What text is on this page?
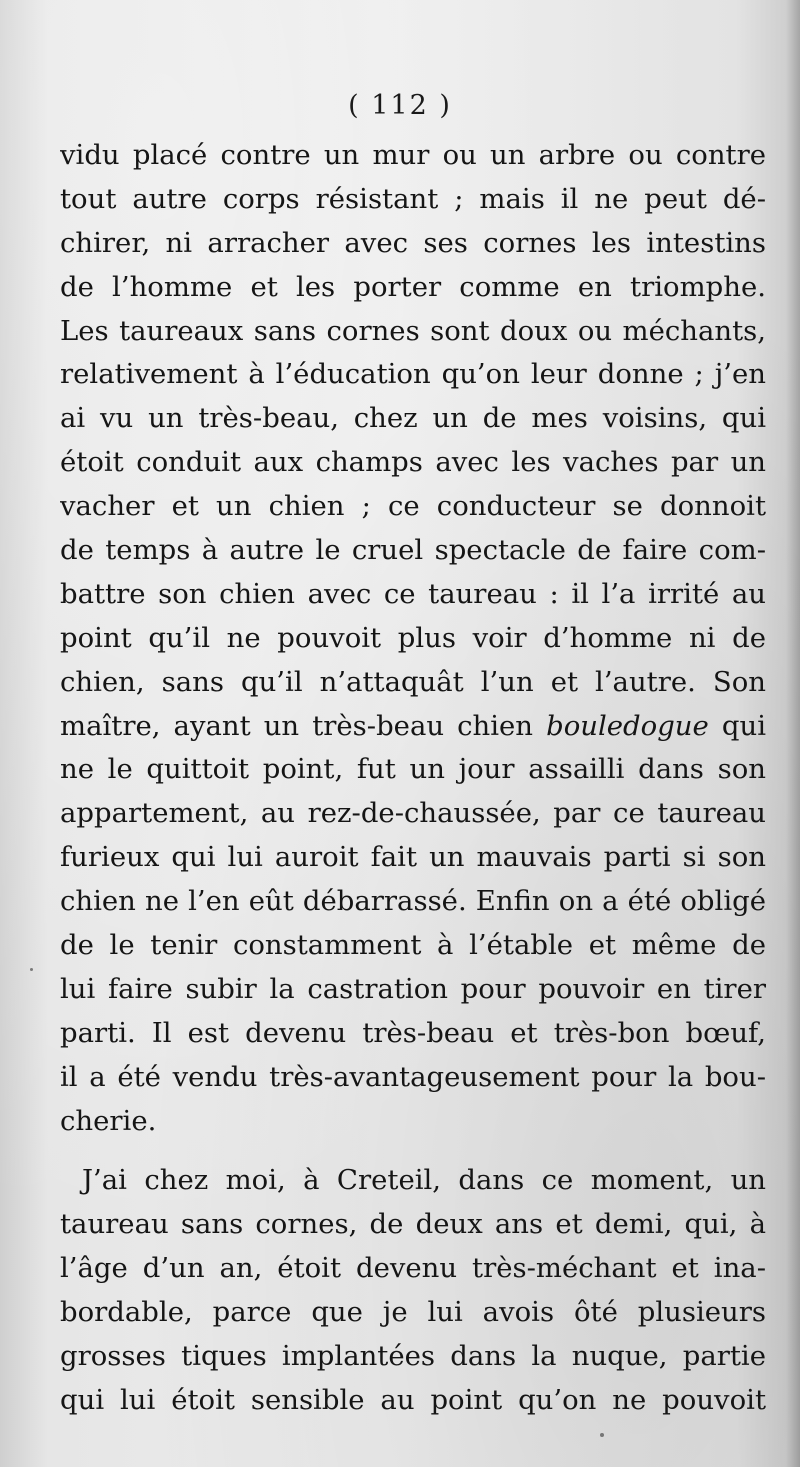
( 112 )
vidu placé contre un mur ou un arbre ou contre
tout autre corps résistant ; mais il ne peut dé-
chirer, ni arracher avec ses cornes les intestins
de l’homme et les porter comme en triomphe.
Les taureaux sans cornes sont doux ou méchants,
relativement à l’éducation qu’on leur donne ; j’en
ai vu un très-beau, chez un de mes voisins, qui
étoit conduit aux champs avec les vaches par un
vacher et un chien ; ce conducteur se donnoit
de temps à autre le cruel spectacle de faire com-
battre son chien avec ce taureau : il l’a irrité au
point qu’il ne pouvoit plus voir d’homme ni de
chien, sans qu’il n’attaquât l’un et l’autre. Son
maître, ayant un très-beau chien bouledogue qui
ne le quittoit point, fut un jour assailli dans son
appartement, au rez-de-chaussée, par ce taureau
furieux qui lui auroit fait un mauvais parti si son
chien ne l’en eût débarrassé. Enfin on a été obligé
de le tenir constamment à l’étable et même de
lui faire subir la castration pour pouvoir en tirer
parti. Il est devenu très-beau et très-bon bœuf,
il a été vendu très-avantageusement pour la bou-
cherie.
J’ai chez moi, à Creteil, dans ce moment, un
taureau sans cornes, de deux ans et demi, qui, à
l’âge d’un an, étoit devenu très-méchant et ina-
bordable, parce que je lui avois ôté plusieurs
grosses tiques implantées dans la nuque, partie
qui lui étoit sensible au point qu’on ne pouvoit
